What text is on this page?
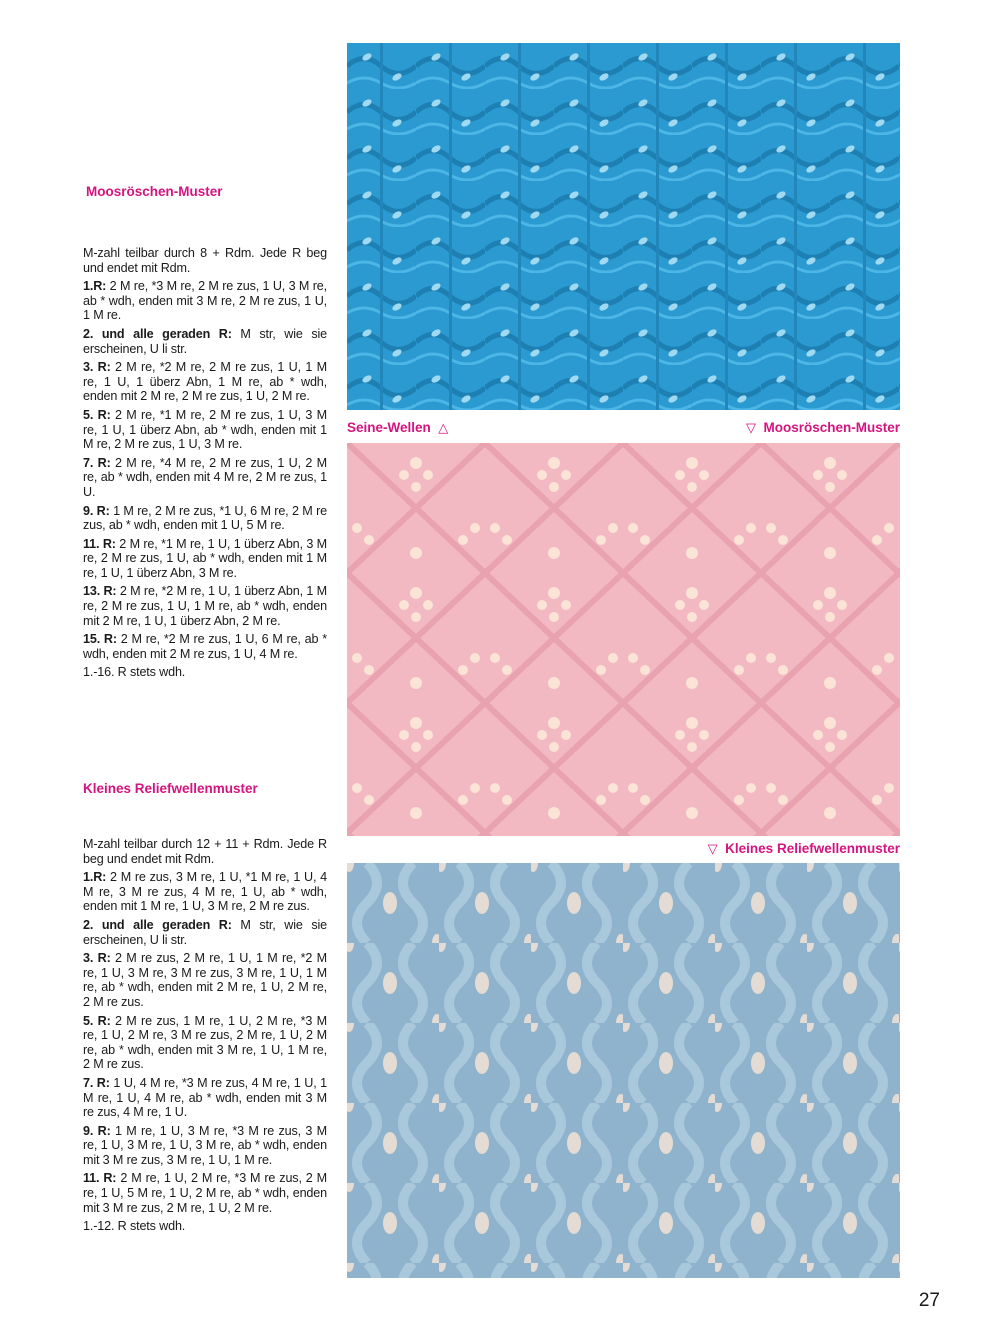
Moosröschen-Muster

M-zahl teilbar durch 8 + Rdm. Jede R beg und endet mit Rdm.

1.R: 2 M re, *3 M re, 2 M re zus, 1 U, 3 M re, ab * wdh, enden mit 3 M re, 2 M re zus, 1 U, 1 M re.

2. und alle geraden R: M str, wie sie erscheinen, U li str.

3. R: 2 M re, *2 M re, 2 M re zus, 1 U, 1 M re, 1 U, 1 überz Abn, 1 M re, ab * wdh, enden mit 2 M re, 2 M re zus, 1 U, 2 M re.

5. R: 2 M re, *1 M re, 2 M re zus, 1 U, 3 M re, 1 U, 1 überz Abn, ab * wdh, enden mit 1 M re, 2 M re zus, 1 U, 3 M re.

7. R: 2 M re, *4 M re, 2 M re zus, 1 U, 2 M re, ab * wdh, enden mit 4 M re, 2 M re zus, 1 U.

9. R: 1 M re, 2 M re zus, *1 U, 6 M re, 2 M re zus, ab * wdh, enden mit 1 U, 5 M re.

11. R: 2 M re, *1 M re, 1 U, 1 überz Abn, 3 M re, 2 M re zus, 1 U, ab * wdh, enden mit 1 M re, 1 U, 1 überz Abn, 3 M re.

13. R: 2 M re, *2 M re, 1 U, 1 überz Abn, 1 M re, 2 M re zus, 1 U, 1 M re, ab * wdh, enden mit 2 M re, 1 U, 1 überz Abn, 2 M re.

15. R: 2 M re, *2 M re zus, 1 U, 6 M re, ab * wdh, enden mit 2 M re zus, 1 U, 4 M re.

1.-16. R stets wdh.

Kleines Reliefwellenmuster

M-zahl teilbar durch 12 + 11 + Rdm. Jede R beg und endet mit Rdm.

1.R: 2 M re zus, 3 M re, 1 U, *1 M re, 1 U, 4 M re, 3 M re zus, 4 M re, 1 U, ab * wdh, enden mit 1 M re, 1 U, 3 M re, 2 M re zus.

2. und alle geraden R: M str, wie sie erscheinen, U li str.

3. R: 2 M re zus, 2 M re, 1 U, 1 M re, *2 M re, 1 U, 3 M re, 3 M re zus, 3 M re, 1 U, 1 M re, ab * wdh, enden mit 2 M re, 1 U, 2 M re, 2 M re zus.

5. R: 2 M re zus, 1 M re, 1 U, 2 M re, *3 M re, 1 U, 2 M re, 3 M re zus, 2 M re, 1 U, 2 M re, ab * wdh, enden mit 3 M re, 1 U, 1 M re, 2 M re zus.

7. R: 1 U, 4 M re, *3 M re zus, 4 M re, 1 U, 1 M re, 1 U, 4 M re, ab * wdh, enden mit 3 M re zus, 4 M re, 1 U.

9. R: 1 M re, 1 U, 3 M re, *3 M re zus, 3 M re, 1 U, 3 M re, 1 U, 3 M re, ab * wdh, enden mit 3 M re zus, 3 M re, 1 U, 1 M re.

11. R: 2 M re, 1 U, 2 M re, *3 M re zus, 2 M re, 1 U, 5 M re, 1 U, 2 M re, ab * wdh, enden mit 3 M re zus, 2 M re, 1 U, 2 M re.

1.-12. R stets wdh.

Seine-Wellen △	▽ Moosröschen-Muster
▽ Kleines Reliefwellenmuster
27
